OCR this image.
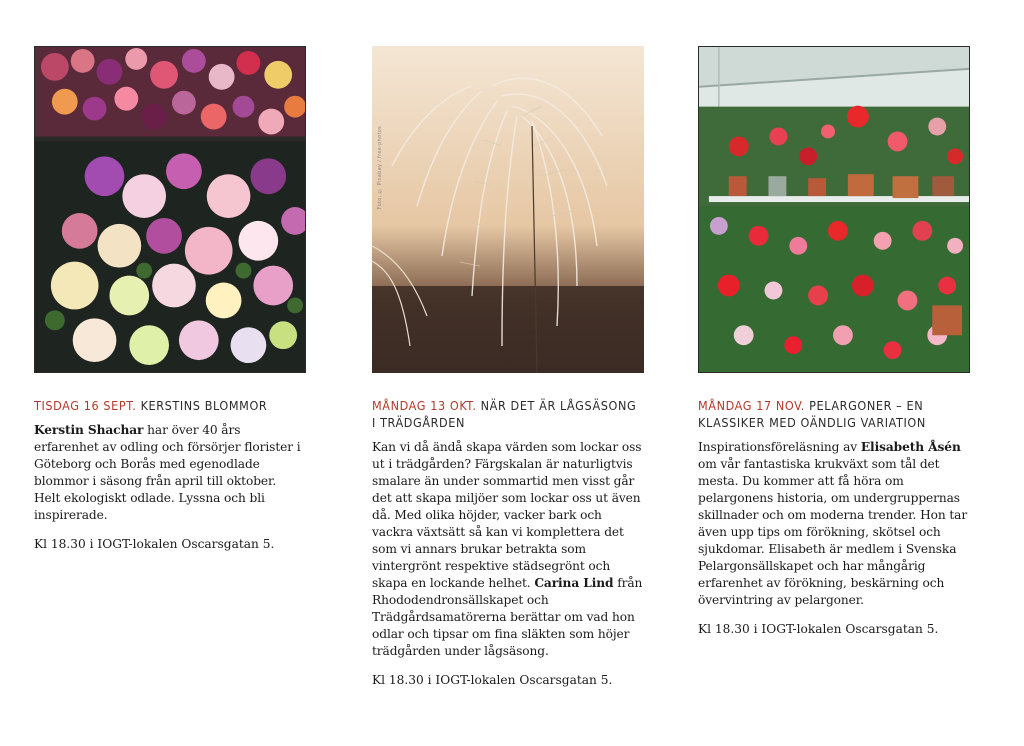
TISDAG 16 SEPT. KERSTINS BLOMMOR

Kerstin Shachar har över 40 års erfarenhet av odling och försörjer florister i Göteborg och Borås med egenodlade blommor i säsong från april till oktober. Helt ekologiskt odlade. Lyssna och bli inspirerade.

Kl 18.30 i IOGT-lokalen Oscarsgatan 5.

Foto: © Pixabay / free-photos
MÅNDAG 13 OKT. NÄR DET ÄR LÅGSÄSONG I TRÄDGÅRDEN

Kan vi då ändå skapa värden som lockar oss ut i trädgården? Färgskalan är naturligtvis smalare än under sommartid men visst går det att skapa miljöer som lockar oss ut även då. Med olika höjder, vacker bark och vackra växtsätt så kan vi komplettera det som vi annars brukar betrakta som vintergrönt respektive städsegrönt och skapa en lockande helhet. Carina Lind från Rhododendronsällskapet och Trädgårdsamatörerna berättar om vad hon odlar och tipsar om fina släkten som höjer trädgården under lågsäsong.

Kl 18.30 i IOGT-lokalen Oscarsgatan 5.

MÅNDAG 17 NOV. PELARGONER – EN KLASSIKER MED OÄNDLIG VARIATION

Inspirationsföreläsning av Elisabeth Åsén om vår fantastiska krukväxt som tål det mesta. Du kommer att få höra om pelargonens historia, om undergruppernas skillnader och om moderna trender. Hon tar även upp tips om förökning, skötsel och sjukdomar. Elisabeth är medlem i Svenska Pelargonsällskapet och har mångårig erfarenhet av förökning, beskärning och övervintring av pelargoner.

Kl 18.30 i IOGT-lokalen Oscarsgatan 5.
